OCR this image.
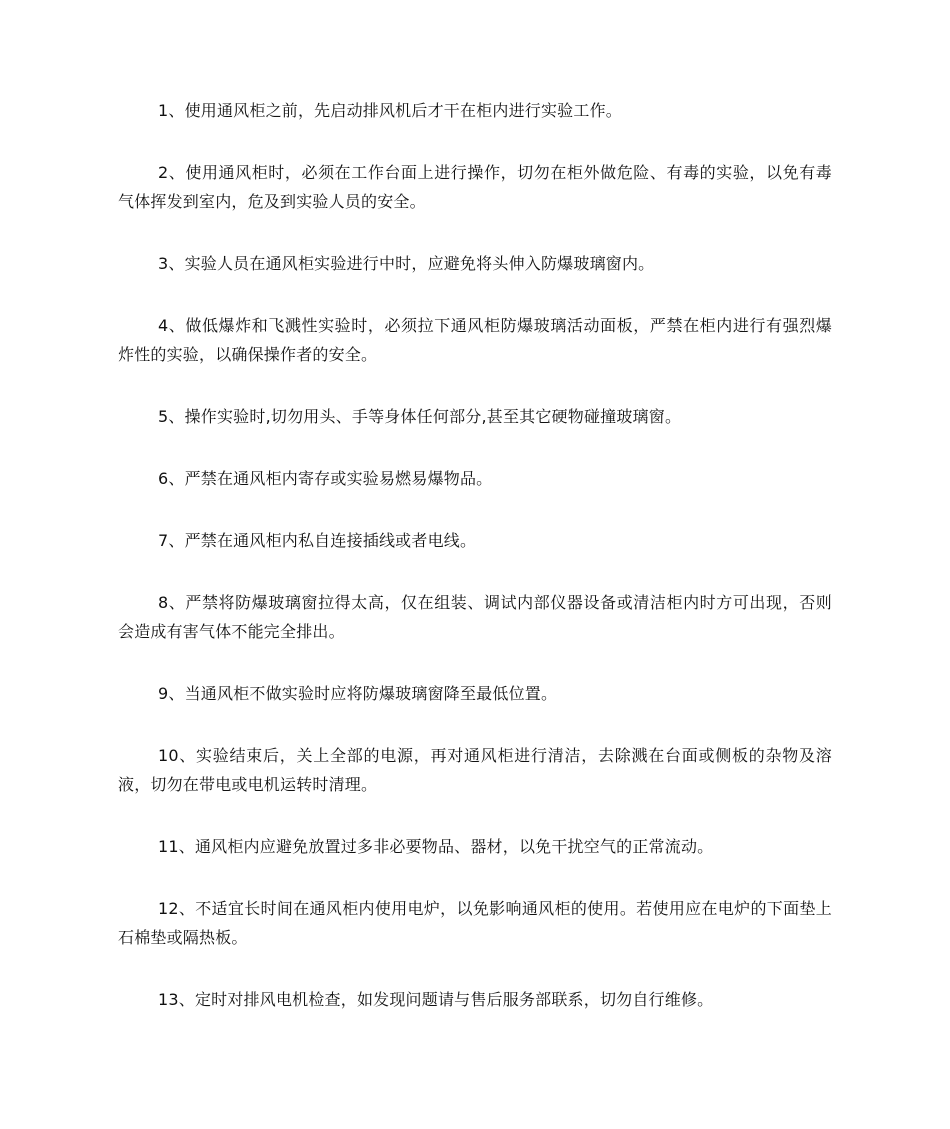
1、使用通风柜之前，先启动排风机后才干在柜内进行实验工作。

2、使用通风柜时，必须在工作台面上进行操作，切勿在柜外做危险、有毒的实验，以免有毒气体挥发到室内，危及到实验人员的安全。

3、实验人员在通风柜实验进行中时，应避免将头伸入防爆玻璃窗内。

4、做低爆炸和飞溅性实验时，必须拉下通风柜防爆玻璃活动面板，严禁在柜内进行有强烈爆炸性的实验，以确保操作者的安全。

5、操作实验时,切勿用头、手等身体任何部分,甚至其它硬物碰撞玻璃窗。

6、严禁在通风柜内寄存或实验易燃易爆物品。

7、严禁在通风柜内私自连接插线或者电线。

8、严禁将防爆玻璃窗拉得太高，仅在组装、调试内部仪器设备或清洁柜内时方可出现，否则会造成有害气体不能完全排出。

9、当通风柜不做实验时应将防爆玻璃窗降至最低位置。

10、实验结束后，关上全部的电源，再对通风柜进行清洁，去除溅在台面或侧板的杂物及溶液，切勿在带电或电机运转时清理。

11、通风柜内应避免放置过多非必要物品、器材，以免干扰空气的正常流动。

12、不适宜长时间在通风柜内使用电炉，以免影响通风柜的使用。若使用应在电炉的下面垫上石棉垫或隔热板。

13、定时对排风电机检查，如发现问题请与售后服务部联系，切勿自行维修。
